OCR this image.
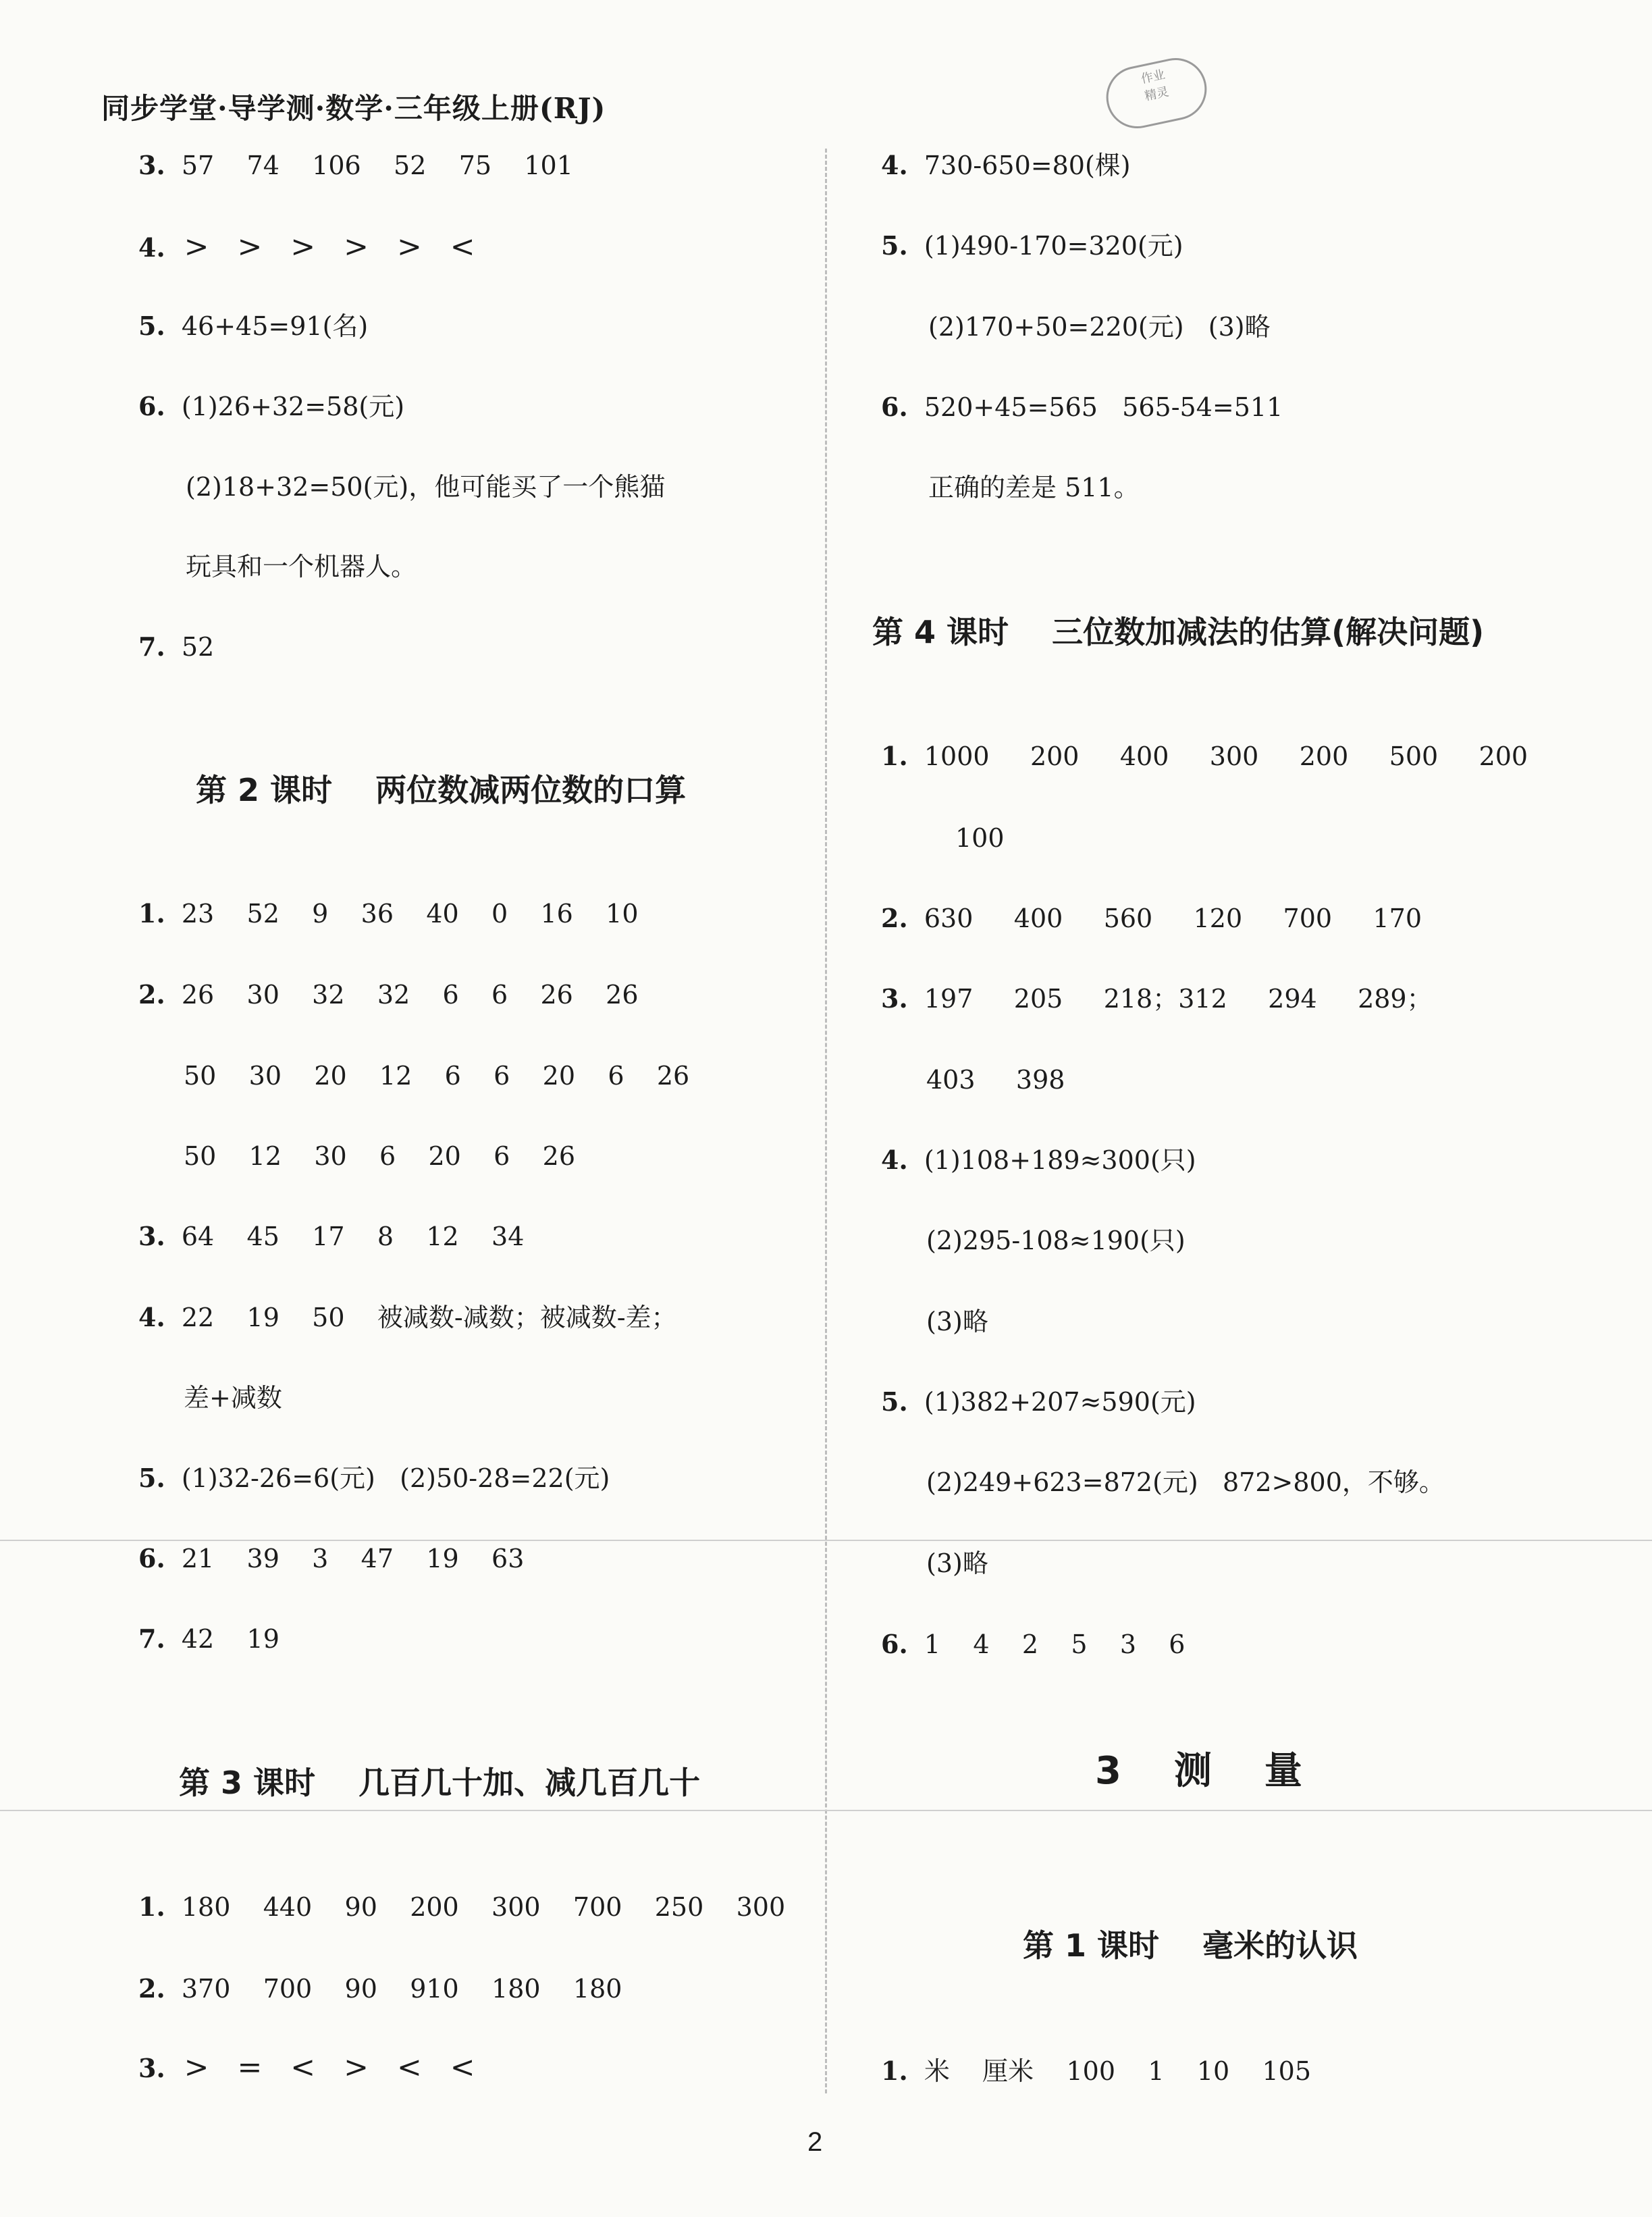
同步学堂·导学测·数学·三年级上册(RJ)
作业
精灵
3. 57    74    106    52    75    101
4. >   >   >   >   >   <
5. 46+45=91(名)
6. (1)26+32=58(元)
(2)18+32=50(元)，他可能买了一个熊猫
玩具和一个机器人。
7. 52
第 2 课时    两位数减两位数的口算
1. 23    52    9    36    40    0    16    10
2. 26    30    32    32    6    6    26    26
50    30    20    12    6    6    20    6    26
50    12    30    6    20    6    26
3. 64    45    17    8    12    34
4. 22    19    50    被减数-减数；被减数-差；
差+减数
5. (1)32-26=6(元)   (2)50-28=22(元)
6. 21    39    3    47    19    63
7. 42    19
第 3 课时    几百几十加、减几百几十
1. 180    440    90    200    300    700    250    300
2. 370    700    90    910    180    180
3. >   =   <   >   <   <
4. 730-650=80(棵)
5. (1)490-170=320(元)
(2)170+50=220(元)   (3)略
6. 520+45=565   565-54=511
正确的差是 511。
第 4 课时    三位数加减法的估算(解决问题)
1. 1000     200     400     300     200     500     200
100
2. 630     400     560     120     700     170
3. 197     205     218；312     294     289；
403     398
4. (1)108+189≈300(只)
(2)295-108≈190(只)
(3)略
5. (1)382+207≈590(元)
(2)249+623=872(元)   872>800，不够。
(3)略
6. 1    4    2    5    3    6
3    测    量
第 1 课时    毫米的认识
1. 米    厘米    100    1    10    105
2
